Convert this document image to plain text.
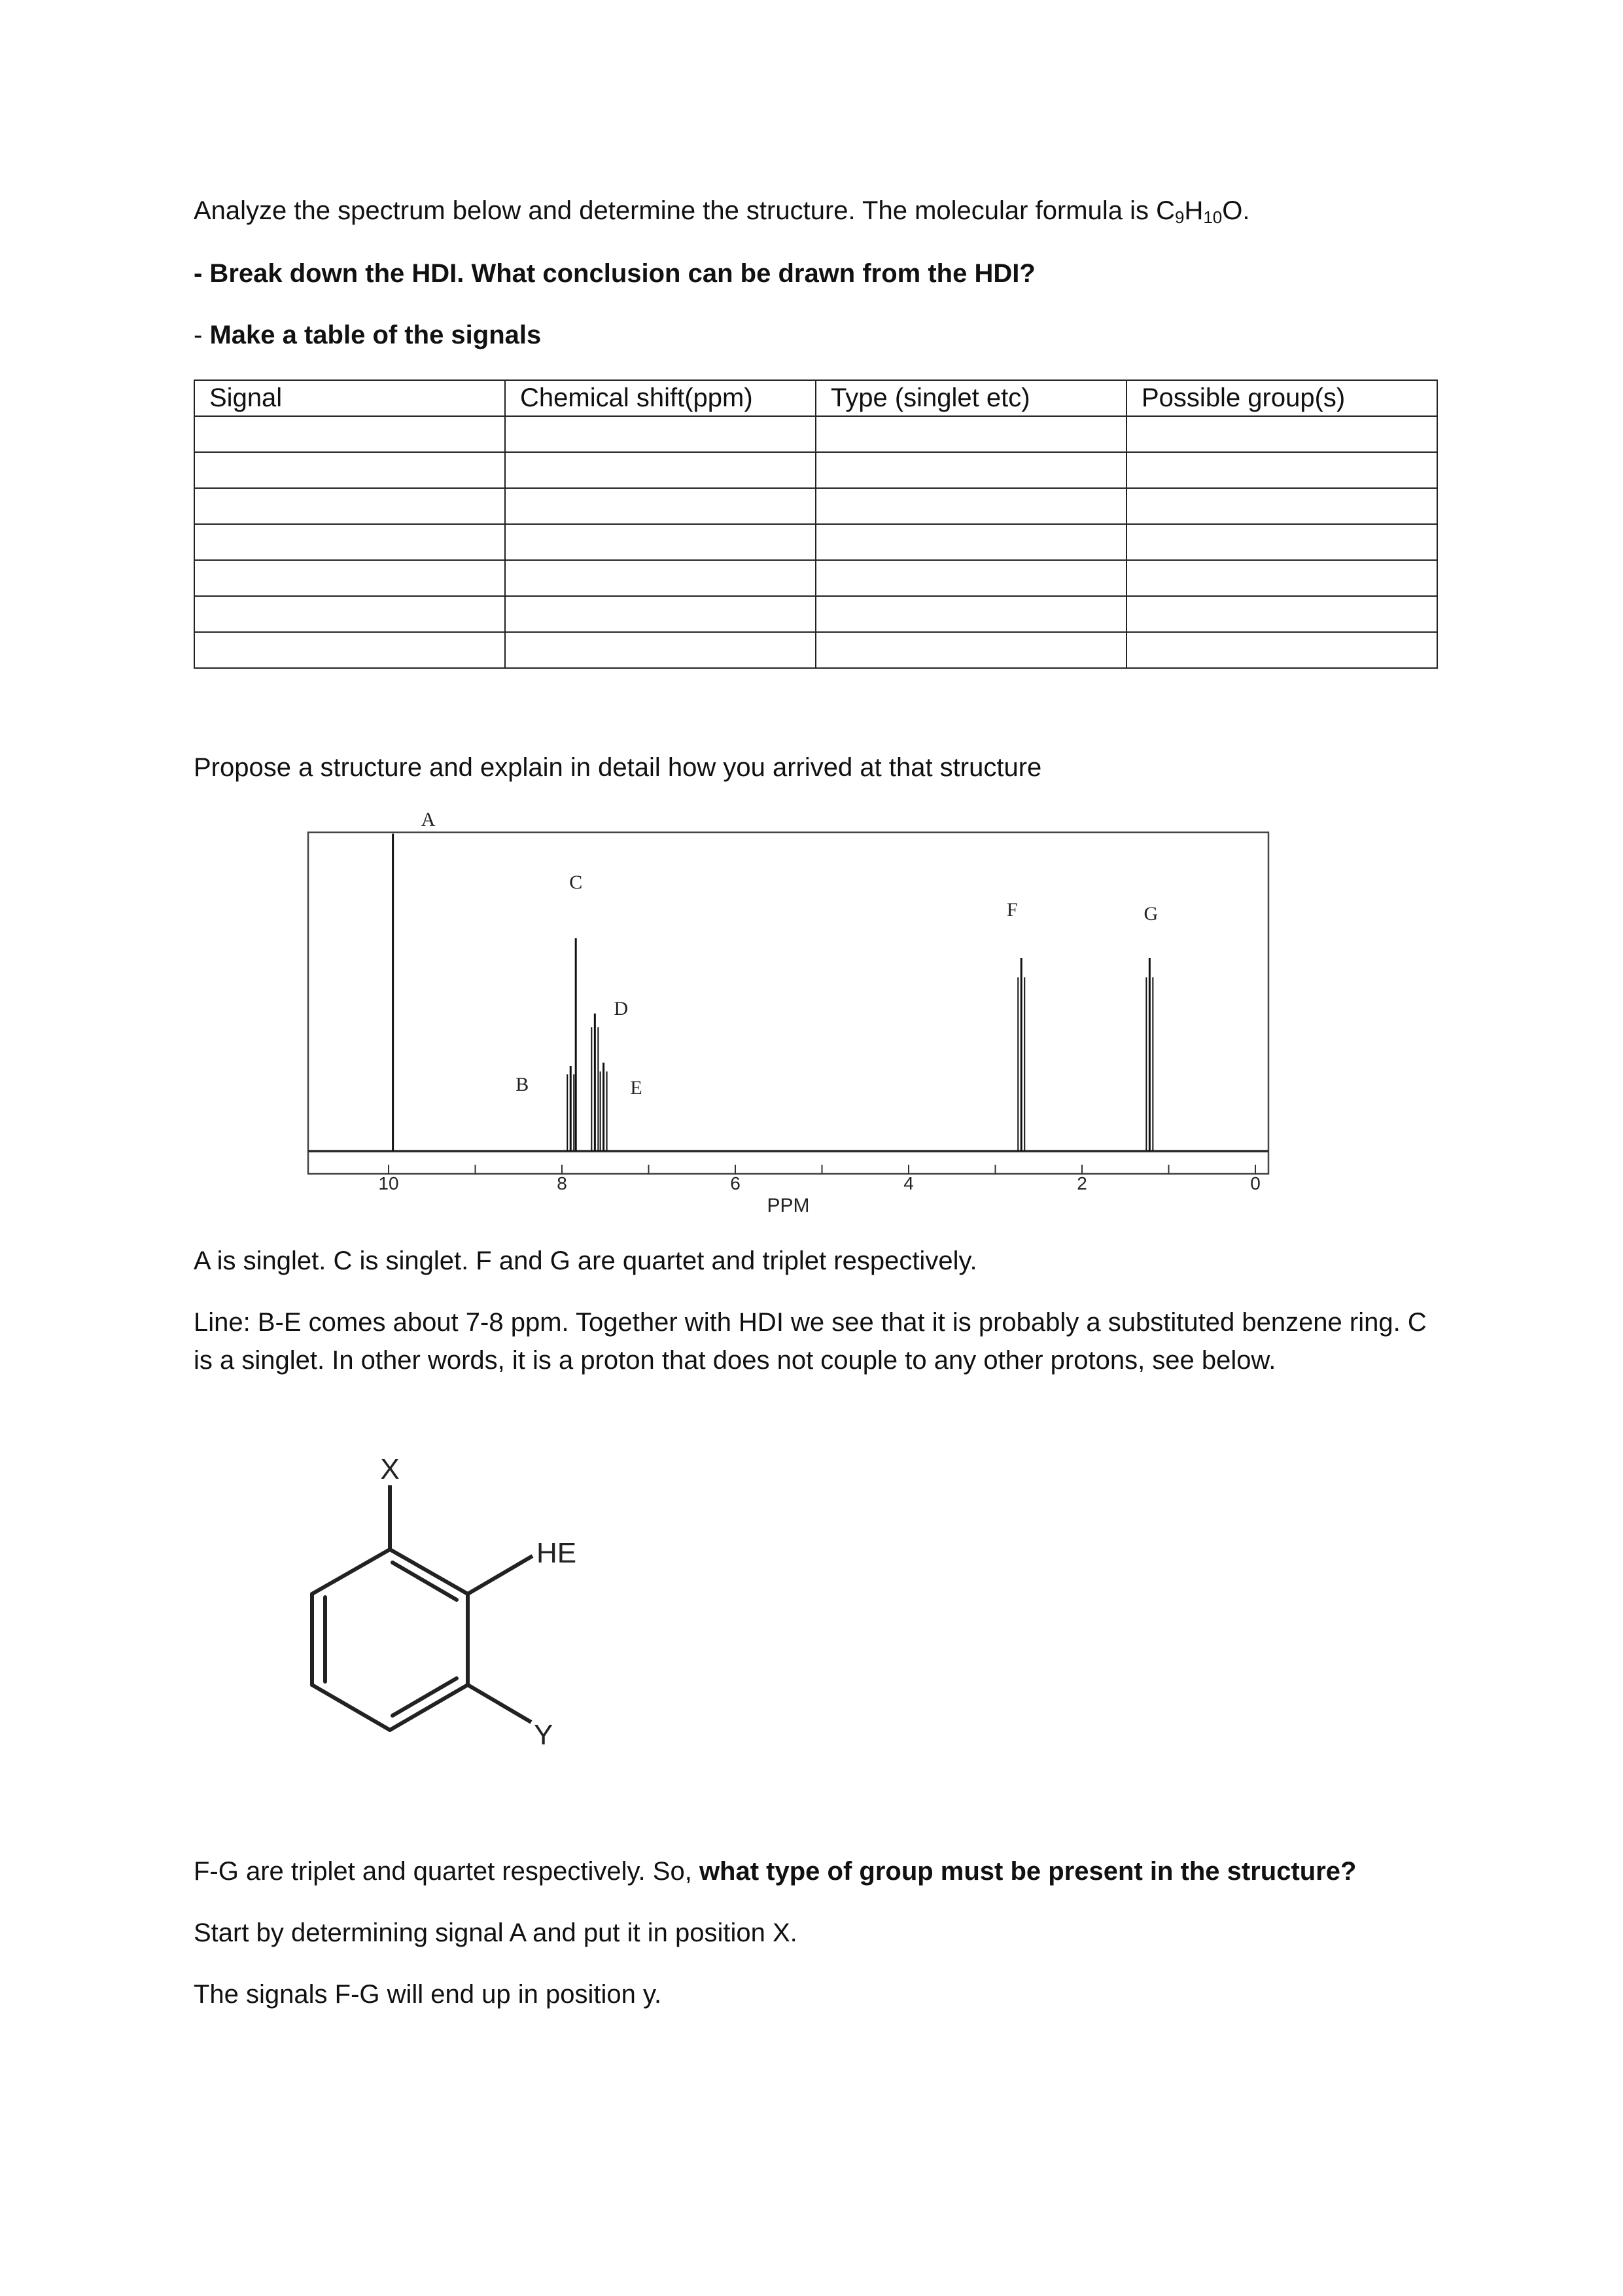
Analyze the spectrum below and determine the structure. The molecular formula is $C_9H_{10}O$.
- Break down the HDI. What conclusion can be drawn from the HDI?
- Make a table of the signals
Signal	Chemical shift(ppm)	Type (singlet etc)	Possible group(s)

Propose a structure and explain in detail how you arrived at that structure
A
B
C
D
E
F	G
10	8	6	4	2	0
PPM
A is singlet. C is singlet. F and G are quartet and triplet respectively.
Line: B-E comes about 7-8 ppm. Together with HDI we see that it is probably a substituted benzene ring. C is a singlet. In other words, it is a proton that does not couple to any other protons, see below.
X
HE
Y
F-G are triplet and quartet respectively. So, what type of group must be present in the structure?
Start by determining signal A and put it in position X.
The signals F-G will end up in position y.
